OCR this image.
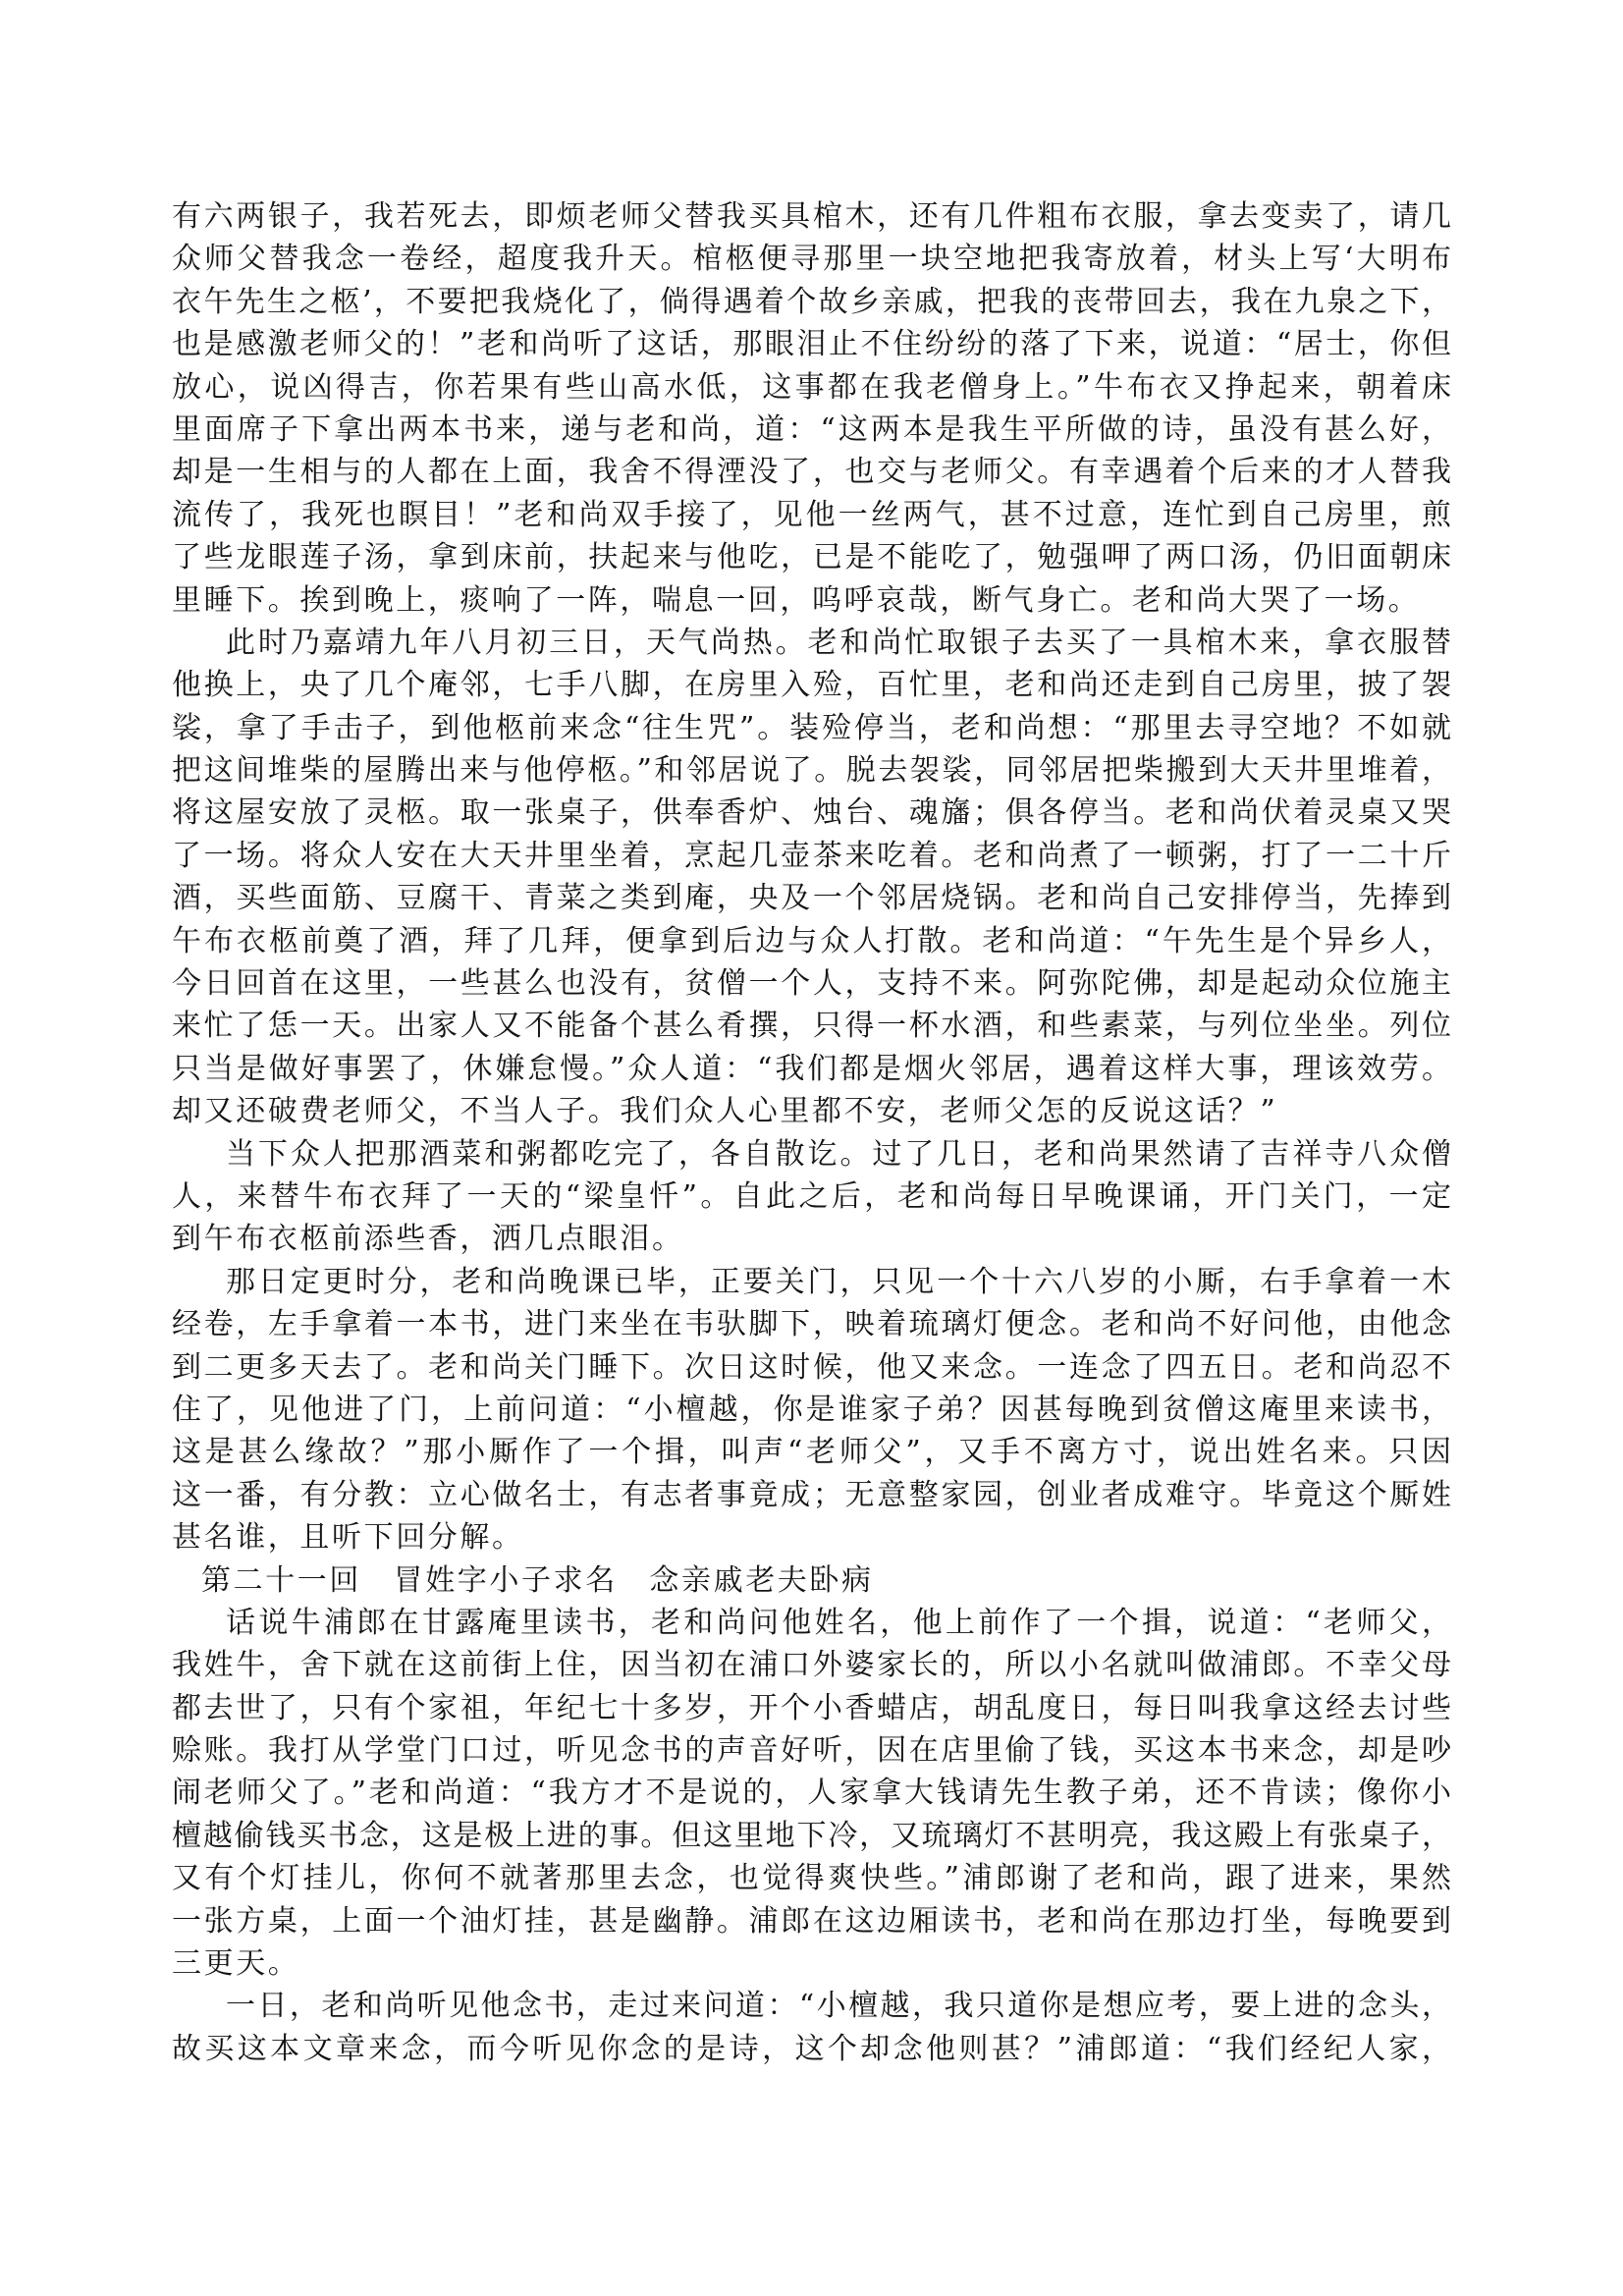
有六两银子，我若死去，即烦老师父替我买具棺木，还有几件粗布衣服，拿去变卖了，请几
众师父替我念一卷经，超度我升天。棺柩便寻那里一块空地把我寄放着，材头上写‘大明布
衣午先生之柩’，不要把我烧化了，倘得遇着个故乡亲戚，把我的丧带回去，我在九泉之下，
也是感激老师父的！”老和尚听了这话，那眼泪止不住纷纷的落了下来，说道：“居士，你但
放心，说凶得吉，你若果有些山高水低，这事都在我老僧身上。”牛布衣又挣起来，朝着床
里面席子下拿出两本书来，递与老和尚，道：“这两本是我生平所做的诗，虽没有甚么好，
却是一生相与的人都在上面，我舍不得湮没了，也交与老师父。有幸遇着个后来的才人替我
流传了，我死也瞑目！”老和尚双手接了，见他一丝两气，甚不过意，连忙到自己房里，煎
了些龙眼莲子汤，拿到床前，扶起来与他吃，已是不能吃了，勉强呷了两口汤，仍旧面朝床
里睡下。挨到晚上，痰响了一阵，喘息一回，呜呼哀哉，断气身亡。老和尚大哭了一场。
此时乃嘉靖九年八月初三日，天气尚热。老和尚忙取银子去买了一具棺木来，拿衣服替
他换上，央了几个庵邻，七手八脚，在房里入殓，百忙里，老和尚还走到自己房里，披了袈
裟，拿了手击子，到他柩前来念“往生咒”。装殓停当，老和尚想：“那里去寻空地？不如就
把这间堆柴的屋腾出来与他停柩。”和邻居说了。脱去袈裟，同邻居把柴搬到大天井里堆着，
将这屋安放了灵柩。取一张桌子，供奉香炉、烛台、魂旛；俱各停当。老和尚伏着灵桌又哭
了一场。将众人安在大天井里坐着，烹起几壶茶来吃着。老和尚煮了一顿粥，打了一二十斤
酒，买些面筋、豆腐干、青菜之类到庵，央及一个邻居烧锅。老和尚自己安排停当，先捧到
午布衣柩前奠了酒，拜了几拜，便拿到后边与众人打散。老和尚道：“午先生是个异乡人，
今日回首在这里，一些甚么也没有，贫僧一个人，支持不来。阿弥陀佛，却是起动众位施主
来忙了恁一天。出家人又不能备个甚么肴撰，只得一杯水酒，和些素菜，与列位坐坐。列位
只当是做好事罢了，休嫌怠慢。”众人道：“我们都是烟火邻居，遇着这样大事，理该效劳。
却又还破费老师父，不当人子。我们众人心里都不安，老师父怎的反说这话？”
当下众人把那酒菜和粥都吃完了，各自散讫。过了几日，老和尚果然请了吉祥寺八众僧
人，来替牛布衣拜了一天的“梁皇忏”。自此之后，老和尚每日早晚课诵，开门关门，一定
到午布衣柩前添些香，洒几点眼泪。
那日定更时分，老和尚晚课已毕，正要关门，只见一个十六八岁的小厮，右手拿着一木
经卷，左手拿着一本书，进门来坐在韦驮脚下，映着琉璃灯便念。老和尚不好问他，由他念
到二更多天去了。老和尚关门睡下。次日这时候，他又来念。一连念了四五日。老和尚忍不
住了，见他进了门，上前问道：“小檀越，你是谁家子弟？因甚每晚到贫僧这庵里来读书，
这是甚么缘故？”那小厮作了一个揖，叫声“老师父”，又手不离方寸，说出姓名来。只因
这一番，有分教：立心做名士，有志者事竟成；无意整家园，创业者成难守。毕竟这个厮姓
甚名谁，且听下回分解。
第二十一回　冒姓字小子求名　念亲戚老夫卧病
话说牛浦郎在甘露庵里读书，老和尚问他姓名，他上前作了一个揖，说道：“老师父，
我姓牛，舍下就在这前街上住，因当初在浦口外婆家长的，所以小名就叫做浦郎。不幸父母
都去世了，只有个家祖，年纪七十多岁，开个小香蜡店，胡乱度日，每日叫我拿这经去讨些
赊账。我打从学堂门口过，听见念书的声音好听，因在店里偷了钱，买这本书来念，却是吵
闹老师父了。”老和尚道：“我方才不是说的，人家拿大钱请先生教子弟，还不肯读；像你小
檀越偷钱买书念，这是极上进的事。但这里地下冷，又琉璃灯不甚明亮，我这殿上有张桌子，
又有个灯挂儿，你何不就著那里去念，也觉得爽快些。”浦郎谢了老和尚，跟了进来，果然
一张方桌，上面一个油灯挂，甚是幽静。浦郎在这边厢读书，老和尚在那边打坐，每晚要到
三更天。
一日，老和尚听见他念书，走过来问道：“小檀越，我只道你是想应考，要上进的念头，
故买这本文章来念，而今听见你念的是诗，这个却念他则甚？”浦郎道：“我们经纪人家，
